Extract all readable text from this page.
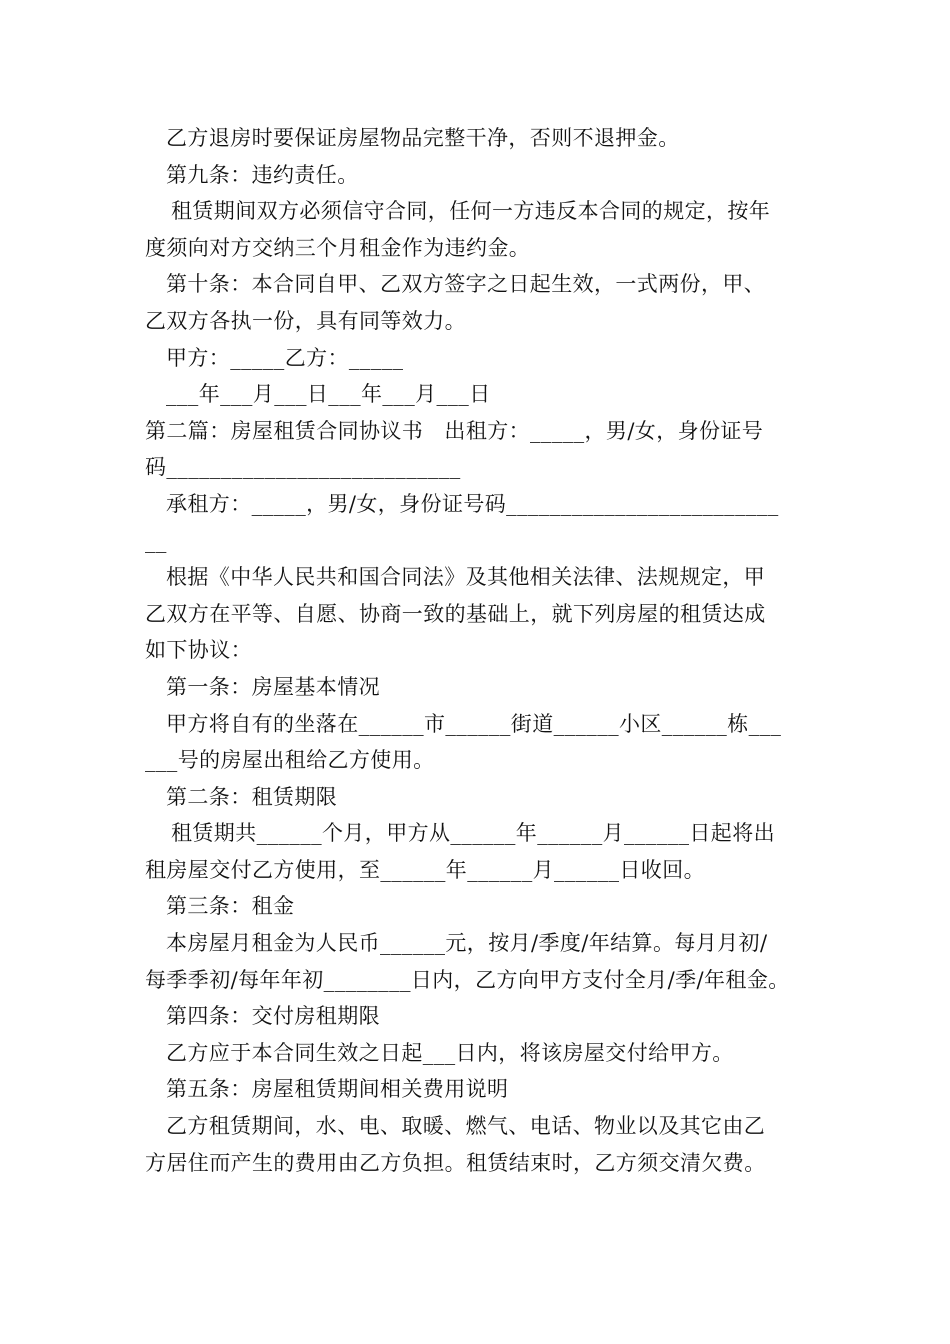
乙方退房时要保证房屋物品完整干净，否则不退押金。
第九条：违约责任。
租赁期间双方必须信守合同，任何一方违反本合同的规定，按年
度须向对方交纳三个月租金作为违约金。
第十条：本合同自甲、乙双方签字之日起生效，一式两份，甲、
乙双方各执一份，具有同等效力。
甲方：_____乙方：_____
___年___月___日___年___月___日
第二篇：房屋租赁合同协议书   出租方：_____，男/女，身份证号
码___________________________
承租方：_____，男/女，身份证号码_________________________
__
根据《中华人民共和国合同法》及其他相关法律、法规规定，甲
乙双方在平等、自愿、协商一致的基础上，就下列房屋的租赁达成
如下协议：
第一条：房屋基本情况
甲方将自有的坐落在______市______街道______小区______栋___
___号的房屋出租给乙方使用。
第二条：租赁期限
租赁期共______个月，甲方从______年______月______日起将出
租房屋交付乙方使用，至______年______月______日收回。
第三条：租金
本房屋月租金为人民币______元，按月/季度/年结算。每月月初/
每季季初/每年年初________日内，乙方向甲方支付全月/季/年租金。
第四条：交付房租期限
乙方应于本合同生效之日起___日内，将该房屋交付给甲方。
第五条：房屋租赁期间相关费用说明
乙方租赁期间，水、电、取暖、燃气、电话、物业以及其它由乙
方居住而产生的费用由乙方负担。租赁结束时，乙方须交清欠费。
